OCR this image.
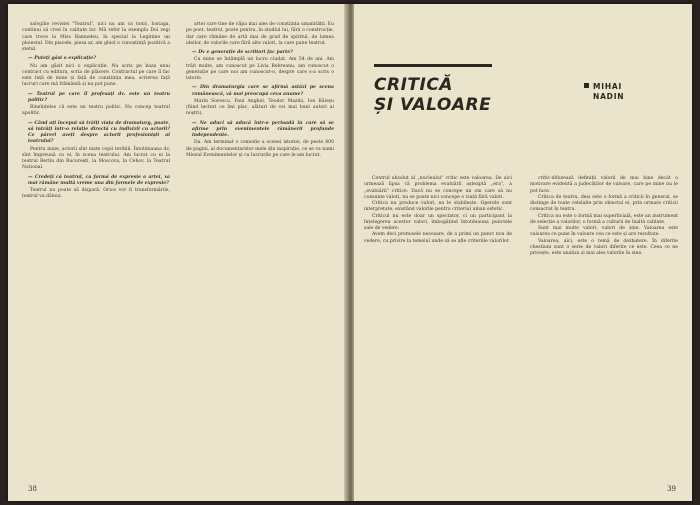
salvgilie revistei "Teatrul", nici nu am ca tonic, lostaga, continui să cred în calitate lor. Mă refer la exemplu Doi zegi care trece la Miss Bamneleu, în special la Legitime un ploiestul. Din piacele, piesa ar, am ghiol o cunoștință pozitivă a stetul.

— Puteți găsi o explicație?

Nu am găsit nici o explicație. Nu scris pe baza unui contract cu editura, scria de plăcere. Contractul pe care îl fac este față de mine și față de conștiința mea, scrierea față lucruri care mă frământă și nu pot pune.

— Teatrul pe care îl profesați dv. este un teatru politic?

Bineînțeles că este un teatru politic. Nu concep teatrul apolitic.

— Când ați început să trăiți viața de dramaturg, poate, să intrăți într-o relație directă cu indivizii cu actorii? Ce păreri aveți despre actorii profesioniști ai teatrului?

Pentru mine, actorii sînt niște copii teribili. Întotdeauna dv, sînt împreună cu ei, în scena teatrului. Am lucrat cu ei la teatrul Berlin din București, la Moscova, la Cehov, la Teatrul Național.

— Credeți că teatrul, ca formă de expresie a artei, va mai rămâne multă vreme una din formele de expresie?

Teatrul nu poate să dispară. Orice vor fi transformările, teatrul va dăinui.

artei care tine de clipa mai ales de conștiința umanității. Eu pe poet, teatrul, poate pentru, în studiul lui, fără o construcție, dar care rămâne de artă mai de grad de spiritul, de lumea ideilor, de valorile care fără alte valori, la care pune teatrul.

— Dv e generație de scriitori fac parte?

Cu mine se întâmplă un lucru ciudat. Am 54 de ani. Am trăit multe, am cunoscut pe Livia Rebreanu, am cunoscut o generație pe care noi am cunoscut-o, despre care s-a scris o istorie.

— Din dramaturgia care se afirmă astăzi pe scena românească, vă mai preocupă ceva anume?

Marin Sorescu, Paul Anghel, Teodor Mazilu, Ion Băieșu (fiind lecturi ce îmi plac, alături de cei mai buni autori ai noștri).

— Ne aduci să aducă într-o perioadă în care să se afirme prin evenimentele rămânerii profunde independente.

Da. Am terminat o comedie a scenei istoriei, de peste 800 de pagini, al documentarelor mele din inspirație, ce se va numi Miezul Evenimentelor și cu lucrurile pe care le-am lucrat.

38
CRITICĂ
ȘI VALOARE
MIHAI
NADIN

Centrul absolut al „nucleului" critic este valoarea. De aici urmează lipsa că problema evaluării așteaptă „era", a „evaluării" critice. Dacă nu se concepe un om care să nu consume valori, nu se poate nici concepe o viață fără valori.

Critica nu produce valori, ea le stabilește. Operele sunt interpretate, existând valorile pentru criteriul uman estetic.

Criticul nu este doar un spectator, ci un participant la înțelegerea acestor valori, îmbogățind întotdeauna punctele sale de vedere.

Avem deci premisele necesare, de a primi un punct nou de vedere, cu privire la temeiul unde să se afle criteriile valorilor.

critic-difuzează definiții valorii de mai bine decât o motivare evidentă a judecăților de valoare, care pe mine nu le pot face.

Critica de teatru, deși este o formă a criticii în general, se distinge de toate celelalte prin obiectul ei, prin urmare criticii consacrat în teatru.

Critica nu este o formă mai superficială, este un instrument de selecție a valorilor, o formă a culturii de înaltă calitate.

Sunt mai multe valori, valori de sine. Valoarea este valoarea ce pune în valoare cea ce este și are rezultate.

Valoarea, aici, este o temă de dezbatere. În diferite chestiuni sunt o serie de valori diferite ce este. Ceea ce ne privește, este analiza și mai ales valorile în sine.

39
